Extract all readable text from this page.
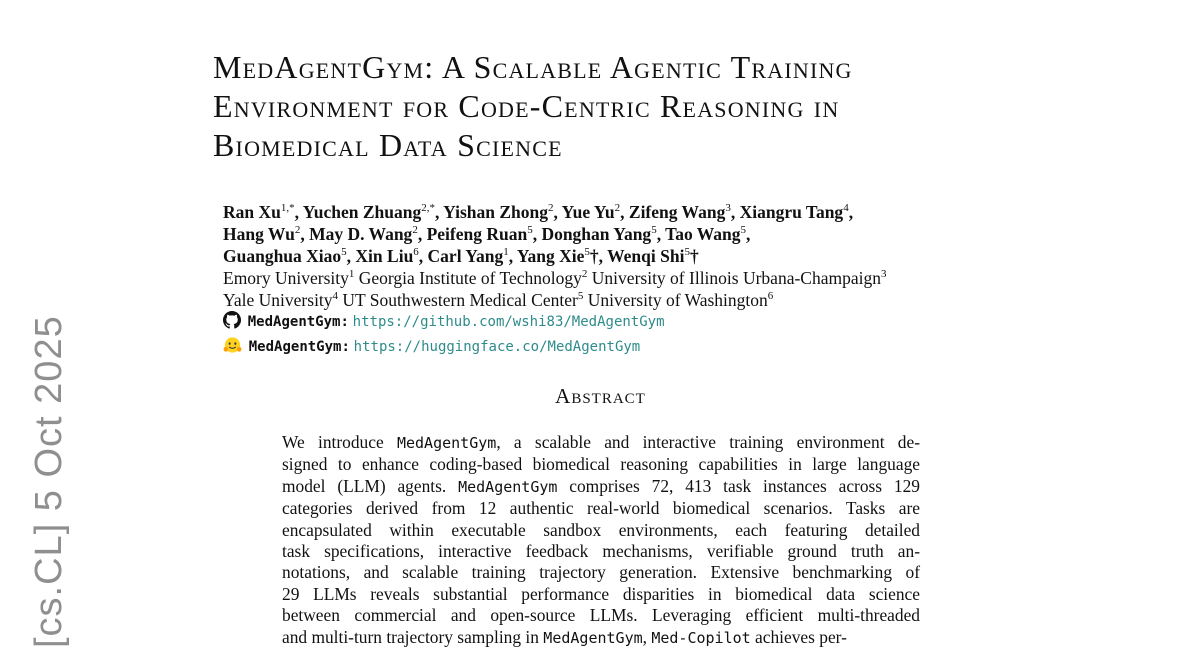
[cs.CL] 5 Oct 2025
MedAgentGym: A Scalable Agentic Training
Environment for Code-Centric Reasoning in
Biomedical Data Science
Ran $Xu^{1,*}$, Yuchen Zhuang$^{2,*}$, Yishan Zhong$^2$, Yue Yu$^2$, Zifeng Wang$^3$, Xiangru Tang$^4$,
Hang Wu$^2$, May D. Wang$^2$, Peifeng Ruan$^5$, Donghan Yang$^5$, Tao Wang$^5$,
Guanghua Xiao$^5$, Xin Liu$^6$, Carl Yang$^1$, Yang Xie$^5$†, Wenqi Shi$^5$†
Emory University$^1$ Georgia Institute of Technology$^2$ University of Illinois Urbana-Champaign$^3$
Yale University$^4$ UT Southwestern Medical Center$^5$ University of Washington$^6$
MedAgentGym: https://github.com/wshi83/MedAgentGym
MedAgentGym: https://huggingface.co/MedAgentGym
Abstract
We introduce MedAgentGym, a scalable and interactive training environment de-
signed to enhance coding-based biomedical reasoning capabilities in large language
model (LLM) agents. MedAgentGym comprises 72, 413 task instances across 129
categories derived from 12 authentic real-world biomedical scenarios. Tasks are
encapsulated within executable sandbox environments, each featuring detailed
task specifications, interactive feedback mechanisms, verifiable ground truth an-
notations, and scalable training trajectory generation. Extensive benchmarking of
29 LLMs reveals substantial performance disparities in biomedical data science
between commercial and open-source LLMs. Leveraging efficient multi-threaded
and multi-turn trajectory sampling in MedAgentGym, Med-Copilot achieves per-
